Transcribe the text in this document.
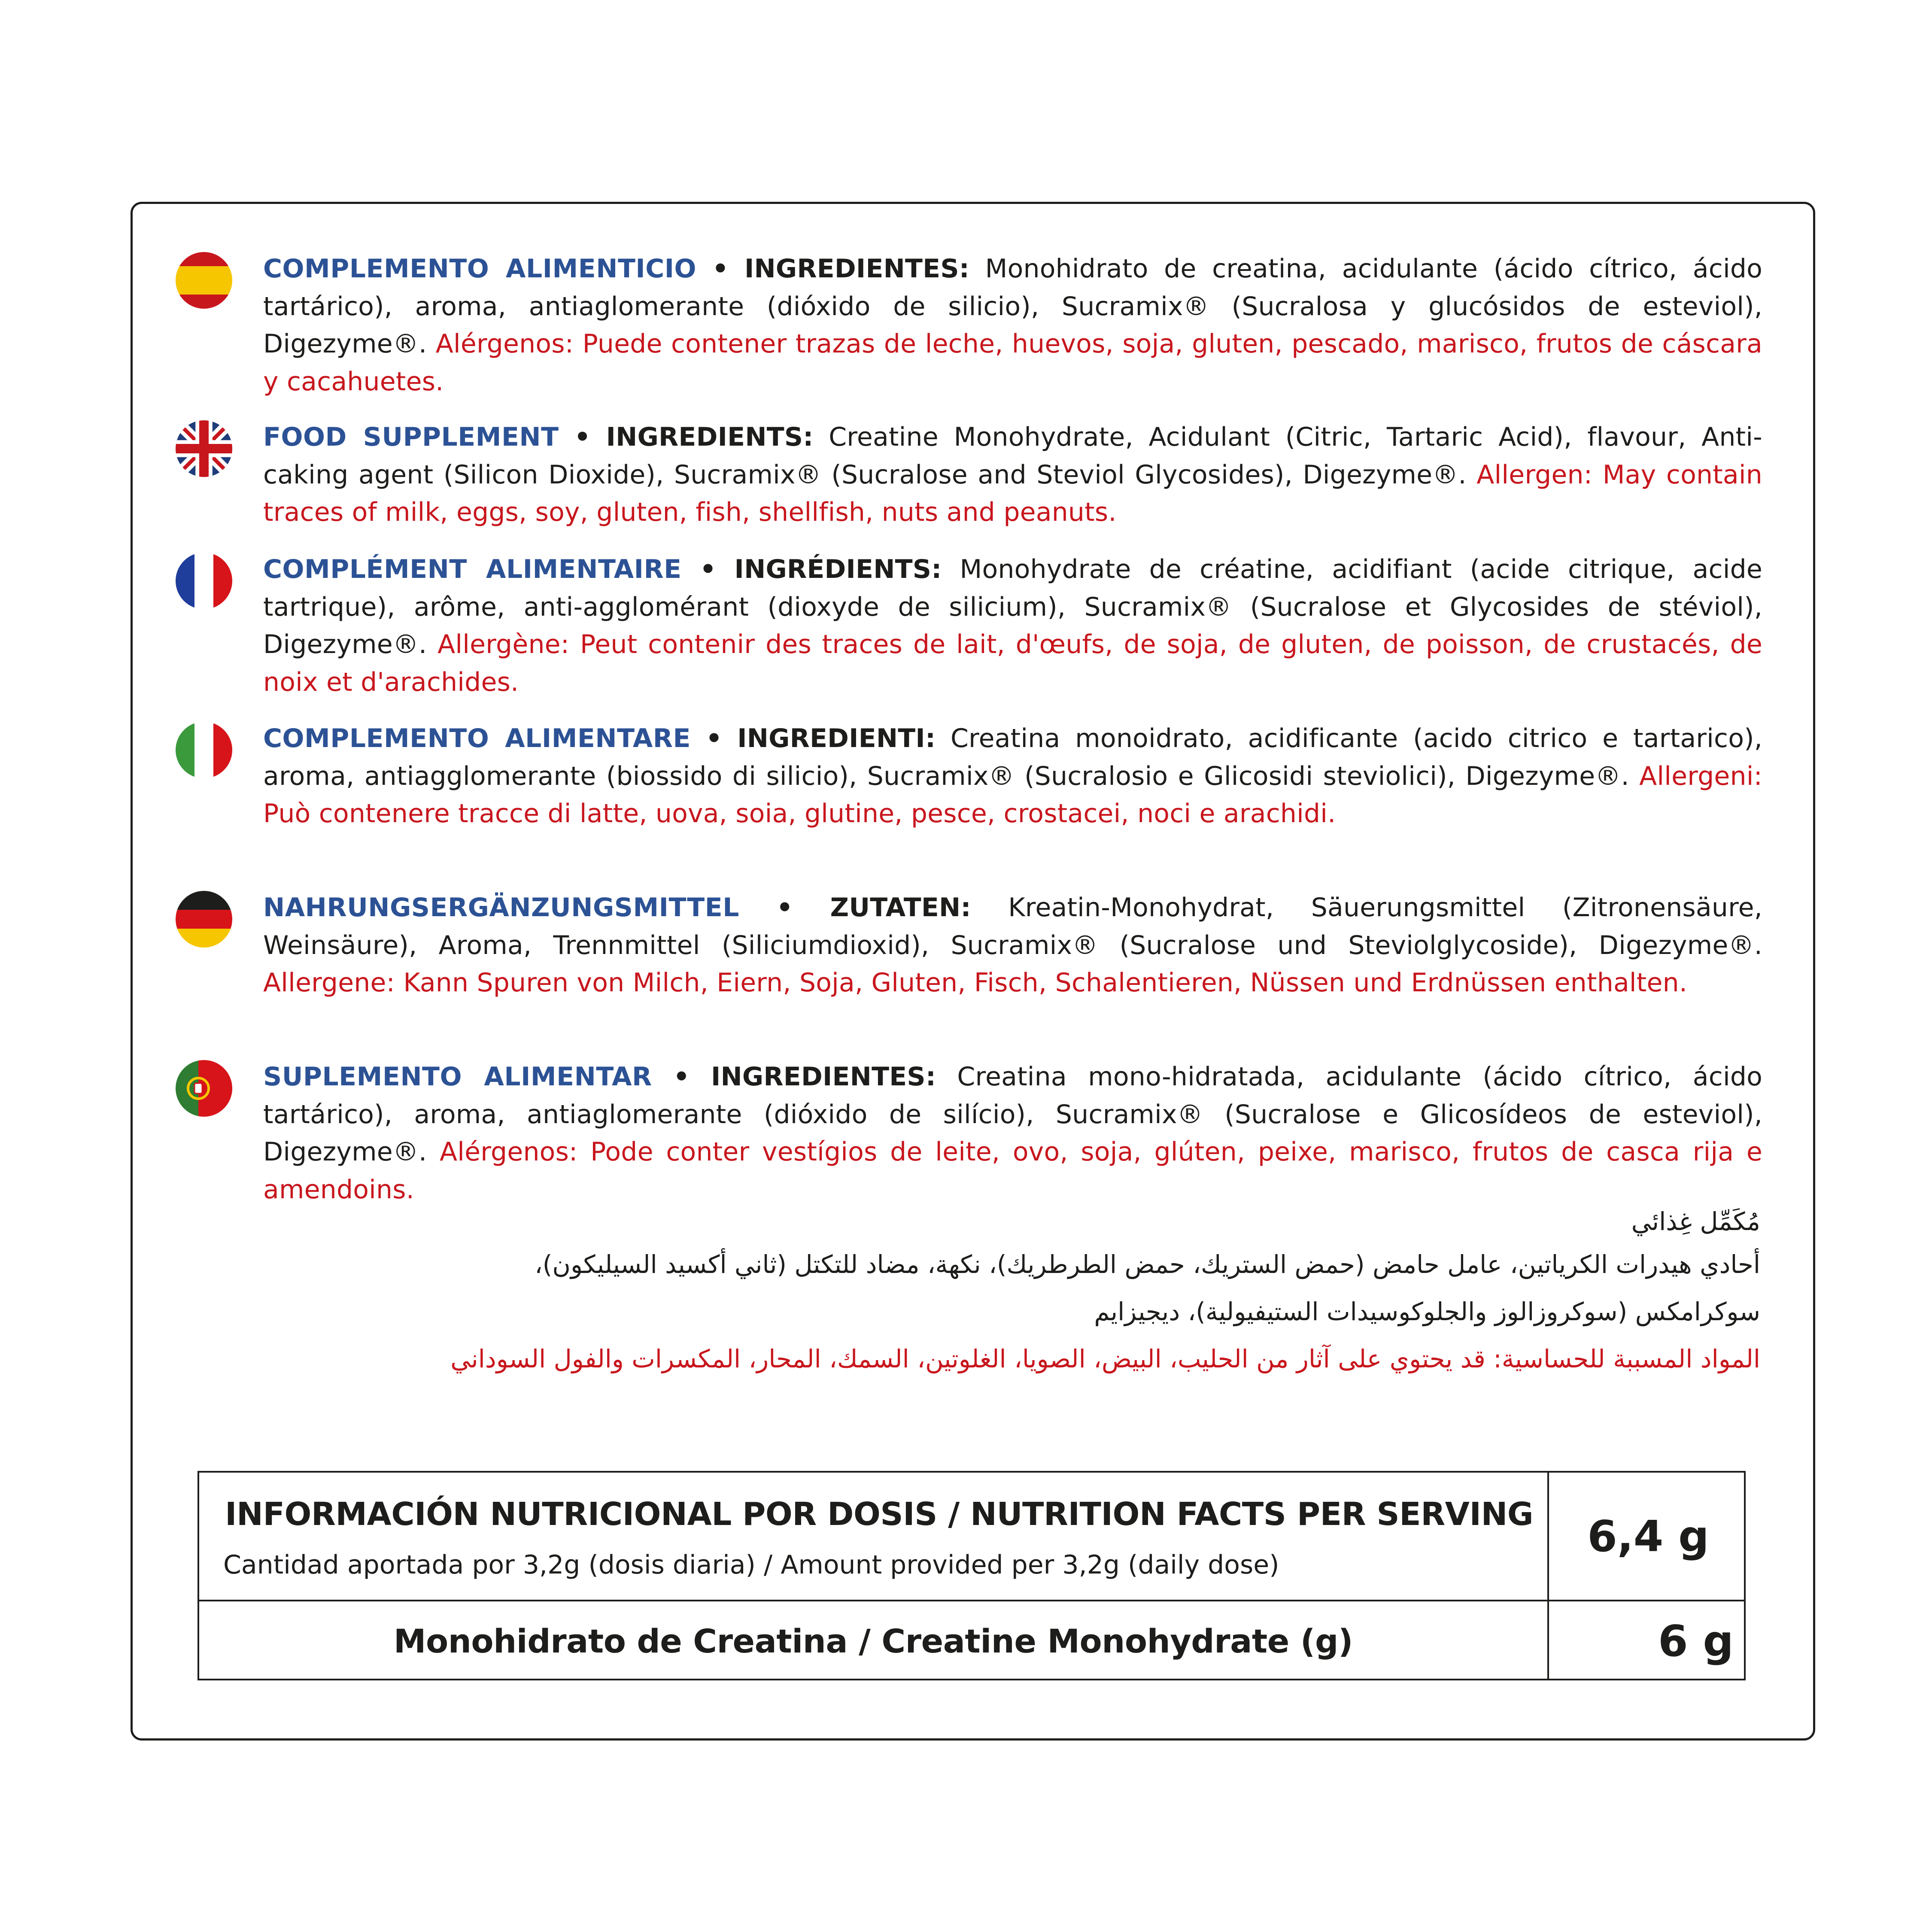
COMPLEMENTO ALIMENTICIO • INGREDIENTES: Monohidrato de creatina, acidulante (ácido cítrico, ácido tartárico), aroma, antiaglomerante (dióxido de silicio), Sucramix® (Sucralosa y glucósidos de esteviol), Digezyme®. Alérgenos: Puede contener trazas de leche, huevos, soja, gluten, pescado, marisco, frutos de cáscara y cacahuetes.

FOOD SUPPLEMENT • INGREDIENTS: Creatine Monohydrate, Acidulant (Citric, Tartaric Acid), flavour, Anti-caking agent (Silicon Dioxide), Sucramix® (Sucralose and Steviol Glycosides), Digezyme®. Allergen: May contain traces of milk, eggs, soy, gluten, fish, shellfish, nuts and peanuts.

COMPLÉMENT ALIMENTAIRE • INGRÉDIENTS: Monohydrate de créatine, acidifiant (acide citrique, acide tartrique), arôme, anti-agglomérant (dioxyde de silicium), Sucramix® (Sucralose et Glycosides de stéviol), Digezyme®. Allergène: Peut contenir des traces de lait, d'œufs, de soja, de gluten, de poisson, de crustacés, de noix et d'arachides.

COMPLEMENTO ALIMENTARE • INGREDIENTI: Creatina monoidrato, acidificante (acido citrico e tartarico), aroma, antiagglomerante (biossido di silicio), Sucramix® (Sucralosio e Glicosidi steviolici), Digezyme®. Allergeni: Può contenere tracce di latte, uova, soia, glutine, pesce, crostacei, noci e arachidi.

NAHRUNGSERGÄNZUNGSMITTEL • ZUTATEN: Kreatin-Monohydrat, Säuerungsmittel (Zitronensäure, Weinsäure), Aroma, Trennmittel (Siliciumdioxid), Sucramix® (Sucralose und Steviolglycoside), Digezyme®. Allergene: Kann Spuren von Milch, Eiern, Soja, Gluten, Fisch, Schalentieren, Nüssen und Erdnüssen enthalten.

SUPLEMENTO ALIMENTAR • INGREDIENTES: Creatina mono-hidratada, acidulante (ácido cítrico, ácido tartárico), aroma, antiaglomerante (dióxido de silício), Sucramix® (Sucralose e Glicosídeos de esteviol), Digezyme®. Alérgenos: Pode conter vestígios de leite, ovo, soja, glúten, peixe, marisco, frutos de casca rija e amendoins.

مُكَمِّل غِذائي

أحادي هيدرات الكرياتين، عامل حامض (حمض الستريك، حمض الطرطريك)، نكهة، مضاد للتكتل (ثاني أكسيد السيليكون)،

سوكرامكس (سوكروزالوز والجلوكوسيدات الستيفيولية)، ديجيزايم

المواد المسببة للحساسية: قد يحتوي على آثار من الحليب، البيض، الصويا، الغلوتين، السمك، المحار، المكسرات والفول السوداني

INFORMACIÓN NUTRICIONAL POR DOSIS / NUTRITION FACTS PER SERVING
Cantidad aportada por 3,2g (dosis diaria) / Amount provided per 3,2g (daily dose)
6,4 g
Monohidrato de Creatina / Creatine Monohydrate (g)	6 g
